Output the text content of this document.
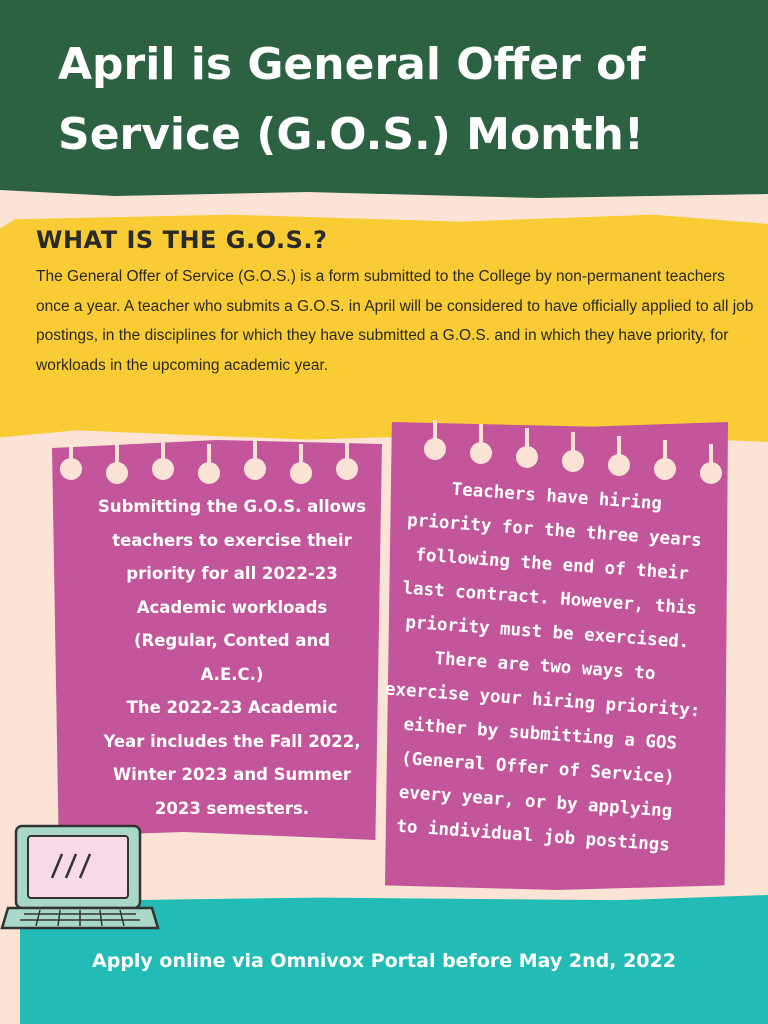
April is General Offer of
Service (G.O.S.) Month!
WHAT IS THE G.O.S.?

The General Offer of Service (G.O.S.) is a form submitted to the College by non-permanent teachers once a year. A teacher who submits a G.O.S. in April will be considered to have officially applied to all job postings, in the disciplines for which they have submitted a G.O.S. and in which they have priority, for workloads in the upcoming academic year.

Submitting the G.O.S. allows
teachers to exercise their
priority for all 2022-23
Academic workloads
(Regular, Conted and
A.E.C.)
The 2022-23 Academic
Year includes the Fall 2022,
Winter 2023 and Summer
2023 semesters.
Teachers have hiring
priority for the three years
following the end of their
last contract. However, this
priority must be exercised.
There are two ways to
exercise your hiring priority:
either by submitting a GOS
(General Offer of Service)
every year, or by applying
to individual job postings
Apply online via Omnivox Portal before May 2nd, 2022
